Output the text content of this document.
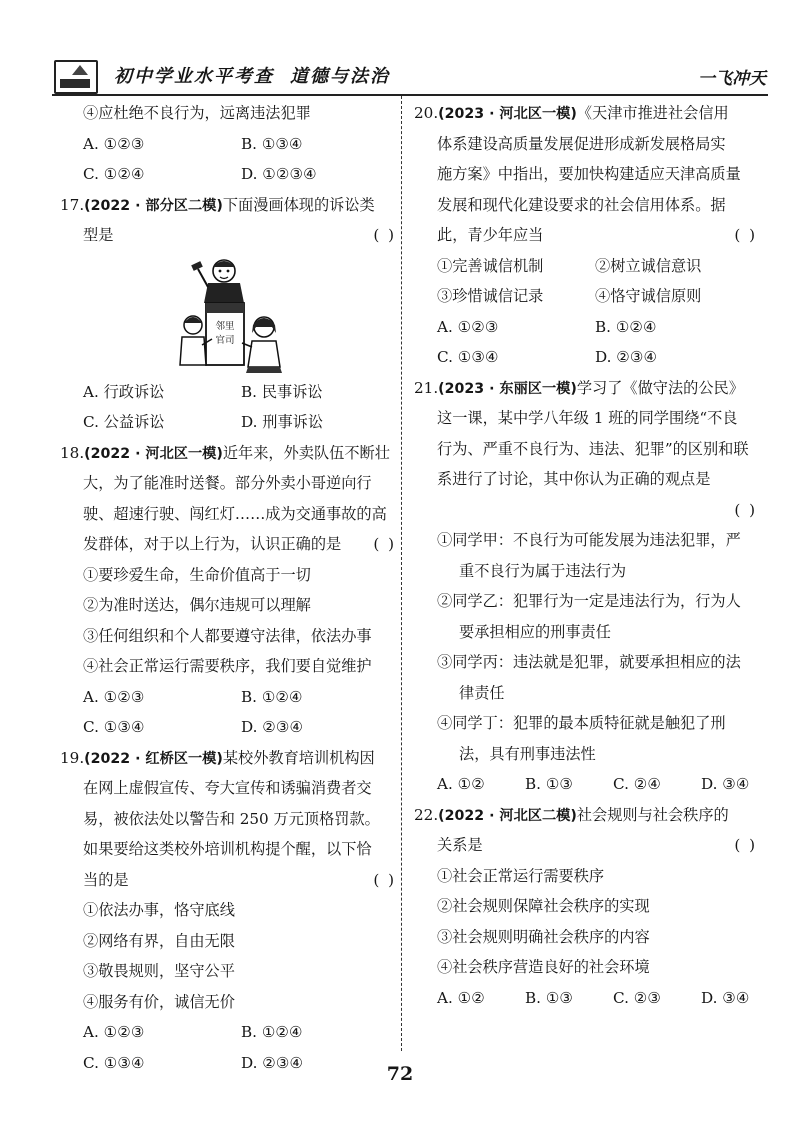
初中学业水平考查 道德与法治	一飞冲天
④应杜绝不良行为，远离违法犯罪
A. ①②③	B. ①③④
C. ①②④	D. ①②③④
17.(2022 · 部分区二模)下面漫画体现的诉讼类
型是	( )
邻里
官司
A. 行政诉讼	B. 民事诉讼
C. 公益诉讼	D. 刑事诉讼
18.(2022 · 河北区一模)近年来，外卖队伍不断壮
大，为了能准时送餐。部分外卖小哥逆向行
驶、超速行驶、闯红灯……成为交通事故的高
发群体，对于以上行为，认识正确的是 ( )
①要珍爱生命，生命价值高于一切
②为准时送达，偶尔违规可以理解
③任何组织和个人都要遵守法律，依法办事
④社会正常运行需要秩序，我们要自觉维护
A. ①②③	B. ①②④
C. ①③④	D. ②③④
19.(2022 · 红桥区一模)某校外教育培训机构因
在网上虚假宣传、夸大宣传和诱骗消费者交
易，被依法处以警告和 250 万元顶格罚款。
如果要给这类校外培训机构提个醒，以下恰
当的是	( )
①依法办事，恪守底线
②网络有界，自由无限
③敬畏规则，坚守公平
④服务有价，诚信无价
A. ①②③	B. ①②④
C. ①③④	D. ②③④
20.(2023 · 河北区一模)《天津市推进社会信用
体系建设高质量发展促进形成新发展格局实
施方案》中指出，要加快构建适应天津高质量
发展和现代化建设要求的社会信用体系。据
此，青少年应当	( )
①完善诚信机制	②树立诚信意识
③珍惜诚信记录	④恪守诚信原则
A. ①②③	B. ①②④
C. ①③④	D. ②③④
21.(2023 · 东丽区一模)学习了《做守法的公民》
这一课，某中学八年级 1 班的同学围绕“不良
行为、严重不良行为、违法、犯罪”的区别和联
系进行了讨论，其中你认为正确的观点是
( )
①同学甲：不良行为可能发展为违法犯罪，严
重不良行为属于违法行为
②同学乙：犯罪行为一定是违法行为，行为人
要承担相应的刑事责任
③同学丙：违法就是犯罪，就要承担相应的法
律责任
④同学丁：犯罪的最本质特征就是触犯了刑
法，具有刑事违法性
A. ①②	B. ①③	C. ②④	D. ③④
22.(2022 · 河北区二模)社会规则与社会秩序的
关系是	( )
①社会正常运行需要秩序
②社会规则保障社会秩序的实现
③社会规则明确社会秩序的内容
④社会秩序营造良好的社会环境
A. ①②	B. ①③	C. ②③	D. ③④
72
